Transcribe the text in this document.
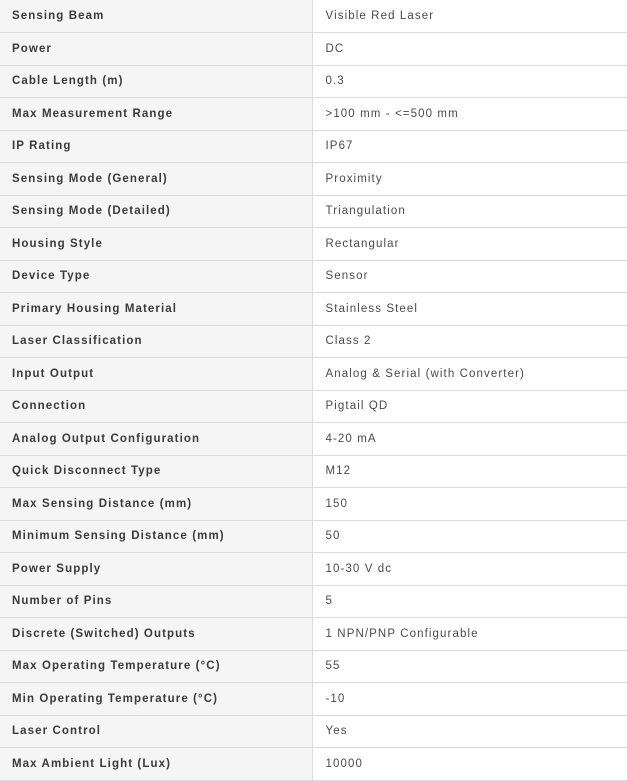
Sensing Beam	Visible Red Laser
Power	DC
Cable Length (m)	0.3
Max Measurement Range	>100 mm - <=500 mm
IP Rating	IP67
Sensing Mode (General)	Proximity
Sensing Mode (Detailed)	Triangulation
Housing Style	Rectangular
Device Type	Sensor
Primary Housing Material	Stainless Steel
Laser Classification	Class 2
Input Output	Analog & Serial (with Converter)
Connection	Pigtail QD
Analog Output Configuration	4-20 mA
Quick Disconnect Type	M12
Max Sensing Distance (mm)	150
Minimum Sensing Distance (mm)	50
Power Supply	10-30 V dc
Number of Pins	5
Discrete (Switched) Outputs	1 NPN/PNP Configurable
Max Operating Temperature (°C)	55
Min Operating Temperature (°C)	-10
Laser Control	Yes
Max Ambient Light (Lux)	10000
